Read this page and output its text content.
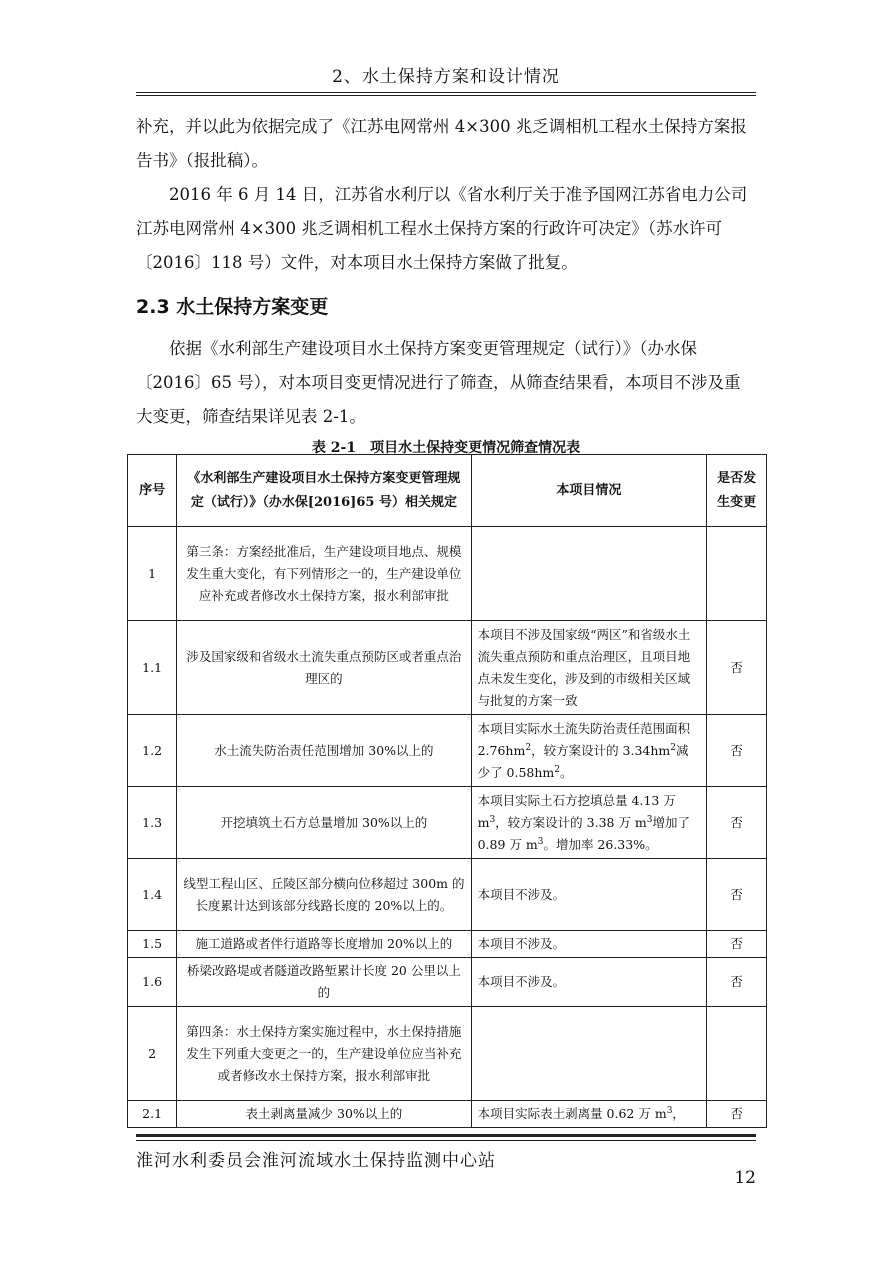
2、水土保持方案和设计情况

补充，并以此为依据完成了《江苏电网常州 4×300 兆乏调相机工程水土保持方案报告书》（报批稿）。

2016 年 6 月 14 日，江苏省水利厅以《省水利厅关于准予国网江苏省电力公司江苏电网常州 4×300 兆乏调相机工程水土保持方案的行政许可决定》（苏水许可〔2016〕118 号）文件，对本项目水土保持方案做了批复。

2.3 水土保持方案变更

依据《水利部生产建设项目水土保持方案变更管理规定（试行）》（办水保〔2016〕65 号），对本项目变更情况进行了筛查，从筛查结果看，本项目不涉及重大变更，筛查结果详见表 2-1。

表 2-1　项目水土保持变更情况筛查情况表
序号	《水利部生产建设项目水土保持方案变更管理规定（试行）》（办水保[2016]65 号）相关规定	本项目情况	是否发生变更
1	第三条：方案经批准后，生产建设项目地点、规模发生重大变化，有下列情形之一的，生产建设单位应补充或者修改水土保持方案，报水利部审批		
1.1	涉及国家级和省级水土流失重点预防区或者重点治理区的	本项目不涉及国家级“两区”和省级水土流失重点预防和重点治理区，且项目地点未发生变化，涉及到的市级相关区域与批复的方案一致	否
1.2	水土流失防治责任范围增加 30%以上的	本项目实际水土流失防治责任范围面积 $2.76hm^2$，较方案设计的 $3.34hm^2$减少了 $0.58hm^2$。	否
1.3	开挖填筑土石方总量增加 30%以上的	本项目实际土石方挖填总量 4.13 万 $m^3$，较方案设计的 3.38 万 $m^3$增加了 0.89 万 $m^3$。增加率 26.33%。	否
1.4	线型工程山区、丘陵区部分横向位移超过 300m 的长度累计达到该部分线路长度的 20%以上的。	本项目不涉及。	否
1.5	施工道路或者伴行道路等长度增加 20%以上的	本项目不涉及。	否
1.6	桥梁改路堤或者隧道改路堑累计长度 20 公里以上的	本项目不涉及。	否
2	第四条：水土保持方案实施过程中，水土保持措施发生下列重大变更之一的，生产建设单位应当补充或者修改水土保持方案，报水利部审批		
2.1	表土剥离量减少 30%以上的	本项目实际表土剥离量 0.62 万 $m^3$，	否
淮河水利委员会淮河流域水土保持监测中心站
12
